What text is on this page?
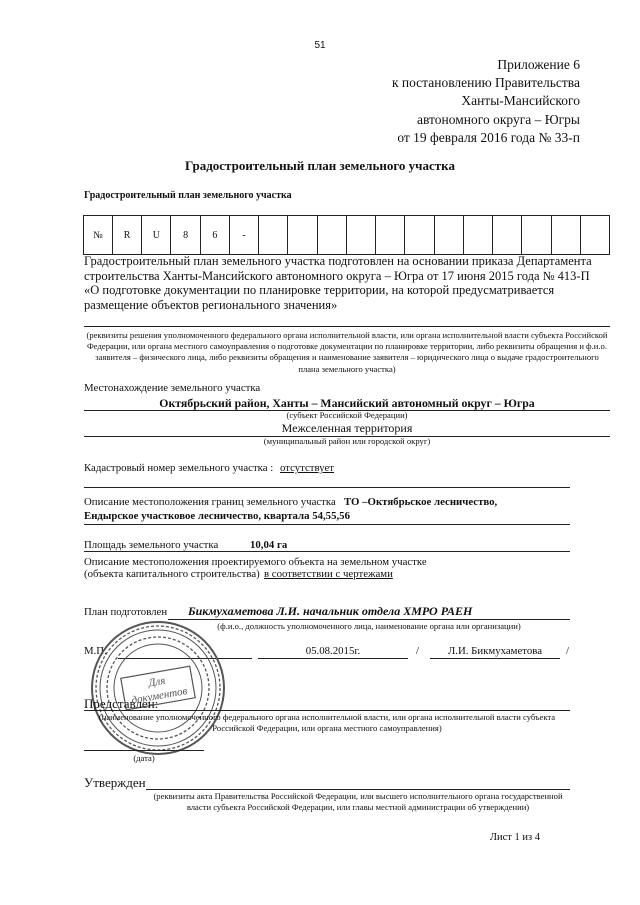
51
Приложение 6
к постановлению Правительства
Ханты-Мансийского
автономного округа – Югры
от 19 февраля 2016 года № 33-п
Градостроительный план земельного участка
Градостроительный план земельного участка
№	R	U	8	6	-												
Градостроительный план земельного участка подготовлен на основании приказа Департамента строительства Ханты-Мансийского автономного округа – Югра от 17 июня 2015 года № 413-П «О подготовке документации по планировке территории, на которой предусматривается размещение объектов регионального значения»
(реквизиты решения уполномоченного федерального органа исполнительной власти, или органа исполнительной власти субъекта Российской Федерации, или органа местного самоуправления о подготовке документации по планировке территории, либо реквизиты обращения и ф.и.о. заявителя – физического лица, либо реквизиты обращения и наименование заявителя – юридического лица о выдаче градостроительного плана земельного участка)
Местонахождение земельного участка
Октябрьский район, Ханты – Мансийский автономный округ – Югра
(субъект Российской Федерации)
Межселенная территория
(муниципальный район или городской округ)
Кадастровый номер земельного участка : отсутствует
Описание местоположения границ земельного участка ТО –Октябрьское лесничество,
Ендырское участковое лесничество, квартала 54,55,56
Площадь земельного участка	10,04 га
Описание местоположения проектируемого объекта на земельном участке
(объекта капитального строительства) в соответствии с чертежами
План подготовлен Бикмухаметова Л.И. начальник отдела ХМРО РАЕН
(ф.и.о., должность уполномоченного лица, наименование органа или организации)
М.П.	05.08.2015г.	/	Л.И. Бикмухаметова	/
Для
документов
Представлен:
(наименование уполномоченного федерального органа исполнительной власти, или органа исполнительной власти субъекта Российской Федерации, или органа местного самоуправления)
(дата)
Утвержден
(реквизиты акта Правительства Российской Федерации, или высшего исполнительного органа государственной власти субъекта Российской Федерации, или главы местной администрации об утверждении)
Лист 1 из 4
